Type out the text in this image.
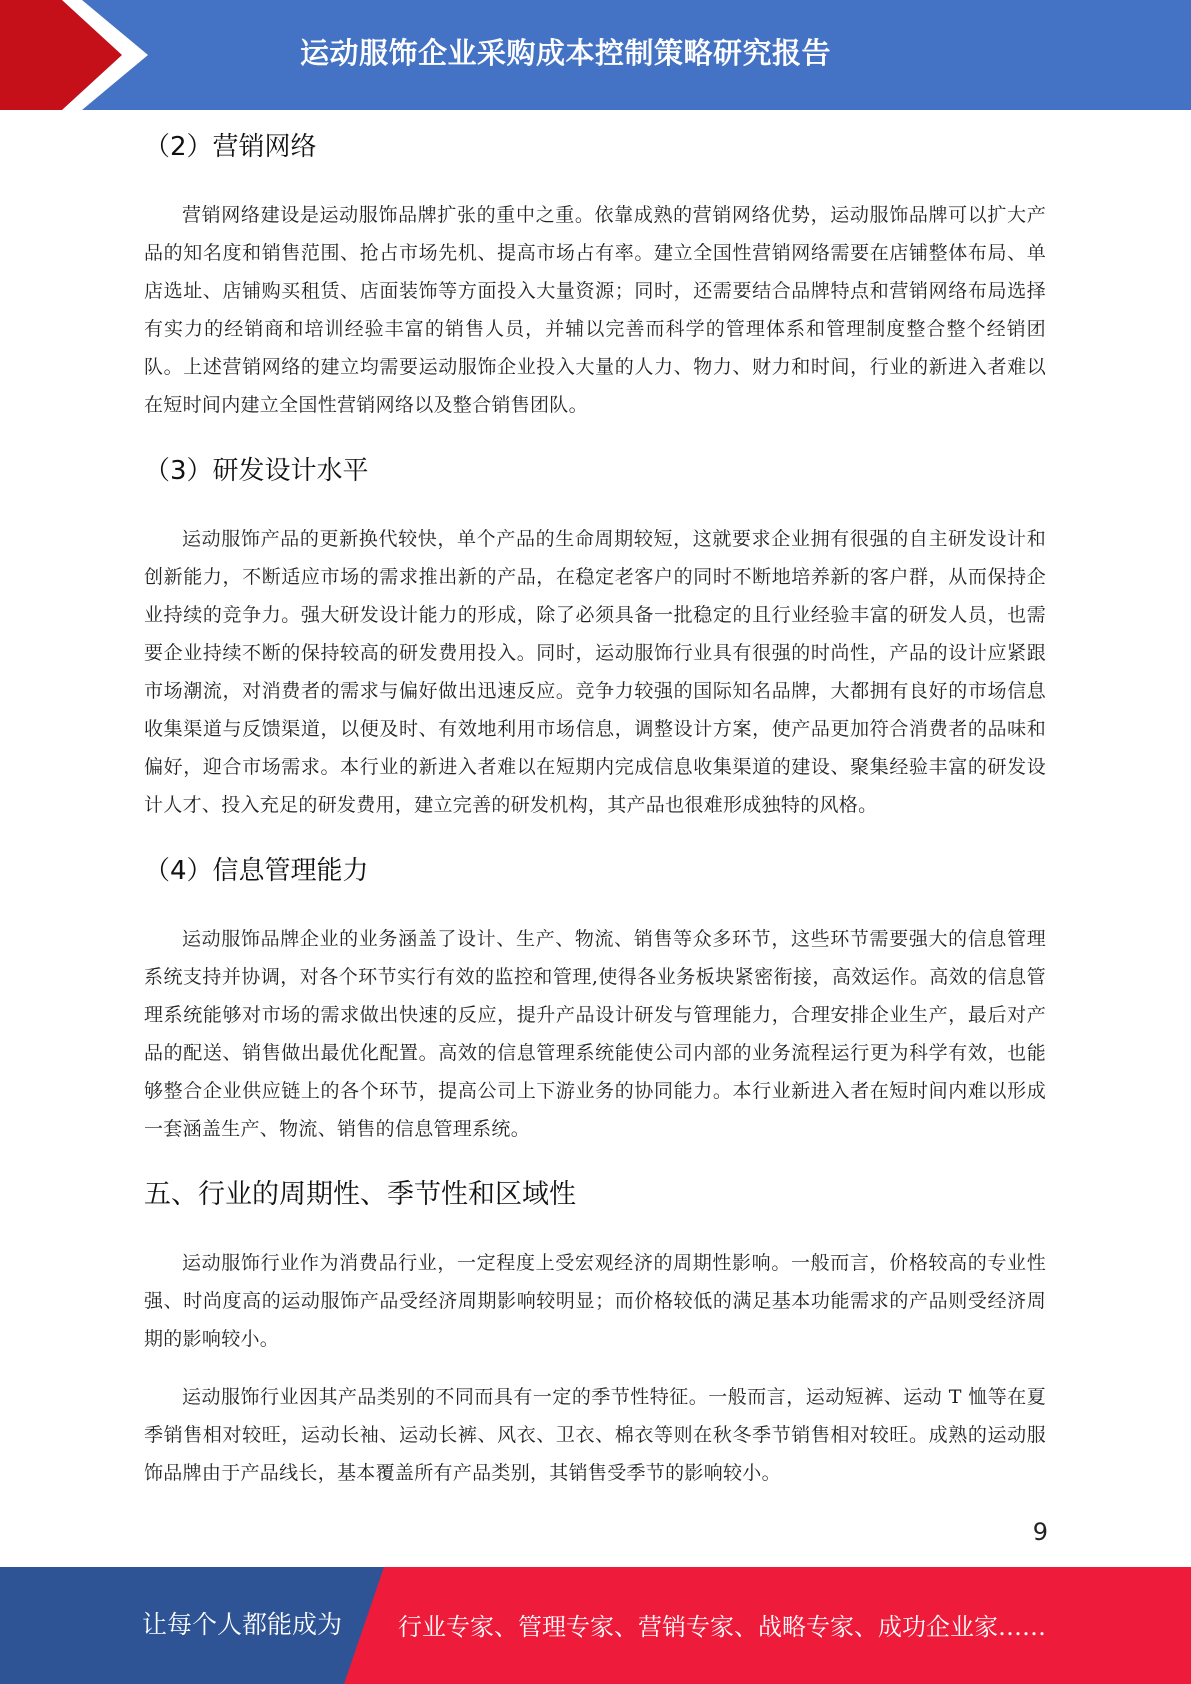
运动服饰企业采购成本控制策略研究报告
（2）营销网络

营销网络建设是运动服饰品牌扩张的重中之重。依靠成熟的营销网络优势，运动服饰品牌可以扩大产品的知名度和销售范围、抢占市场先机、提高市场占有率。建立全国性营销网络需要在店铺整体布局、单店选址、店铺购买租赁、店面装饰等方面投入大量资源；同时，还需要结合品牌特点和营销网络布局选择有实力的经销商和培训经验丰富的销售人员，并辅以完善而科学的管理体系和管理制度整合整个经销团队。上述营销网络的建立均需要运动服饰企业投入大量的人力、物力、财力和时间，行业的新进入者难以在短时间内建立全国性营销网络以及整合销售团队。

（3）研发设计水平

运动服饰产品的更新换代较快，单个产品的生命周期较短，这就要求企业拥有很强的自主研发设计和创新能力，不断适应市场的需求推出新的产品，在稳定老客户的同时不断地培养新的客户群，从而保持企业持续的竞争力。强大研发设计能力的形成，除了必须具备一批稳定的且行业经验丰富的研发人员，也需要企业持续不断的保持较高的研发费用投入。同时，运动服饰行业具有很强的时尚性，产品的设计应紧跟市场潮流，对消费者的需求与偏好做出迅速反应。竞争力较强的国际知名品牌，大都拥有良好的市场信息收集渠道与反馈渠道，以便及时、有效地利用市场信息，调整设计方案，使产品更加符合消费者的品味和偏好，迎合市场需求。本行业的新进入者难以在短期内完成信息收集渠道的建设、聚集经验丰富的研发设计人才、投入充足的研发费用，建立完善的研发机构，其产品也很难形成独特的风格。

（4）信息管理能力

运动服饰品牌企业的业务涵盖了设计、生产、物流、销售等众多环节，这些环节需要强大的信息管理系统支持并协调，对各个环节实行有效的监控和管理,使得各业务板块紧密衔接，高效运作。高效的信息管理系统能够对市场的需求做出快速的反应，提升产品设计研发与管理能力，合理安排企业生产，最后对产品的配送、销售做出最优化配置。高效的信息管理系统能使公司内部的业务流程运行更为科学有效，也能够整合企业供应链上的各个环节，提高公司上下游业务的协同能力。本行业新进入者在短时间内难以形成一套涵盖生产、物流、销售的信息管理系统。

五、行业的周期性、季节性和区域性

运动服饰行业作为消费品行业，一定程度上受宏观经济的周期性影响。一般而言，价格较高的专业性强、时尚度高的运动服饰产品受经济周期影响较明显；而价格较低的满足基本功能需求的产品则受经济周期的影响较小。

运动服饰行业因其产品类别的不同而具有一定的季节性特征。一般而言，运动短裤、运动 T 恤等在夏季销售相对较旺，运动长袖、运动长裤、风衣、卫衣、棉衣等则在秋冬季节销售相对较旺。成熟的运动服饰品牌由于产品线长，基本覆盖所有产品类别，其销售受季节的影响较小。

9
让每个人都能成为 行业专家、管理专家、营销专家、战略专家、成功企业家……
